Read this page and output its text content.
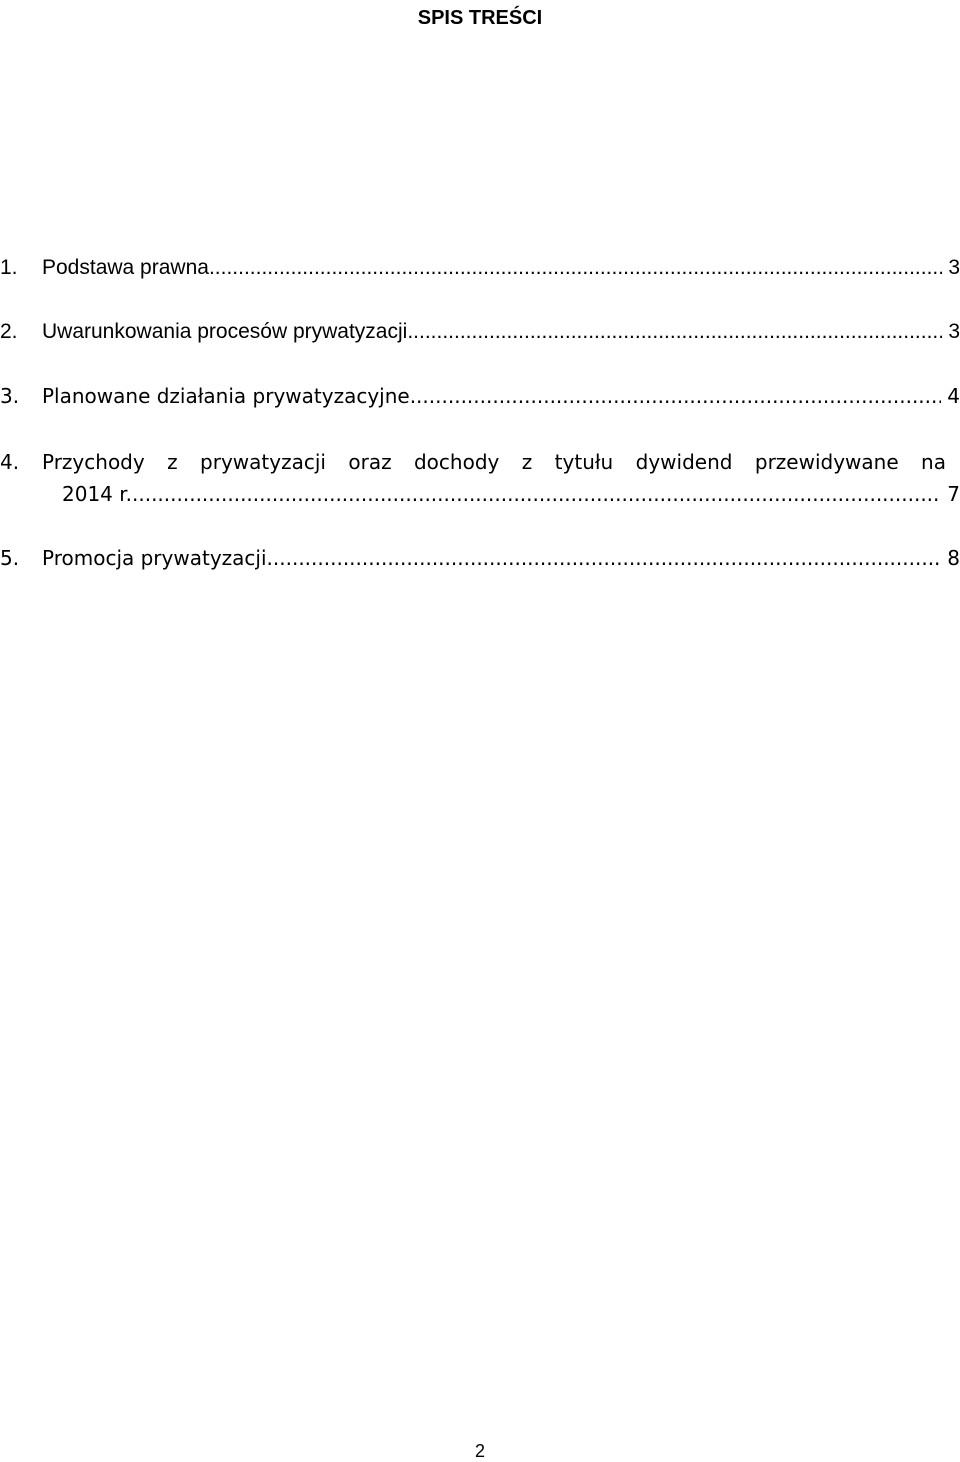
SPIS TREŚCI
1. Podstawa prawna .....	3
2. Uwarunkowania procesów prywatyzacji .....	3
3. Planowane działania prywatyzacyjne .....	4
4. Przychody z prywatyzacji oraz dochody z tytułu dywidend przewidywane na
2014 r. .....	7
5. Promocja prywatyzacji .....	8
2
